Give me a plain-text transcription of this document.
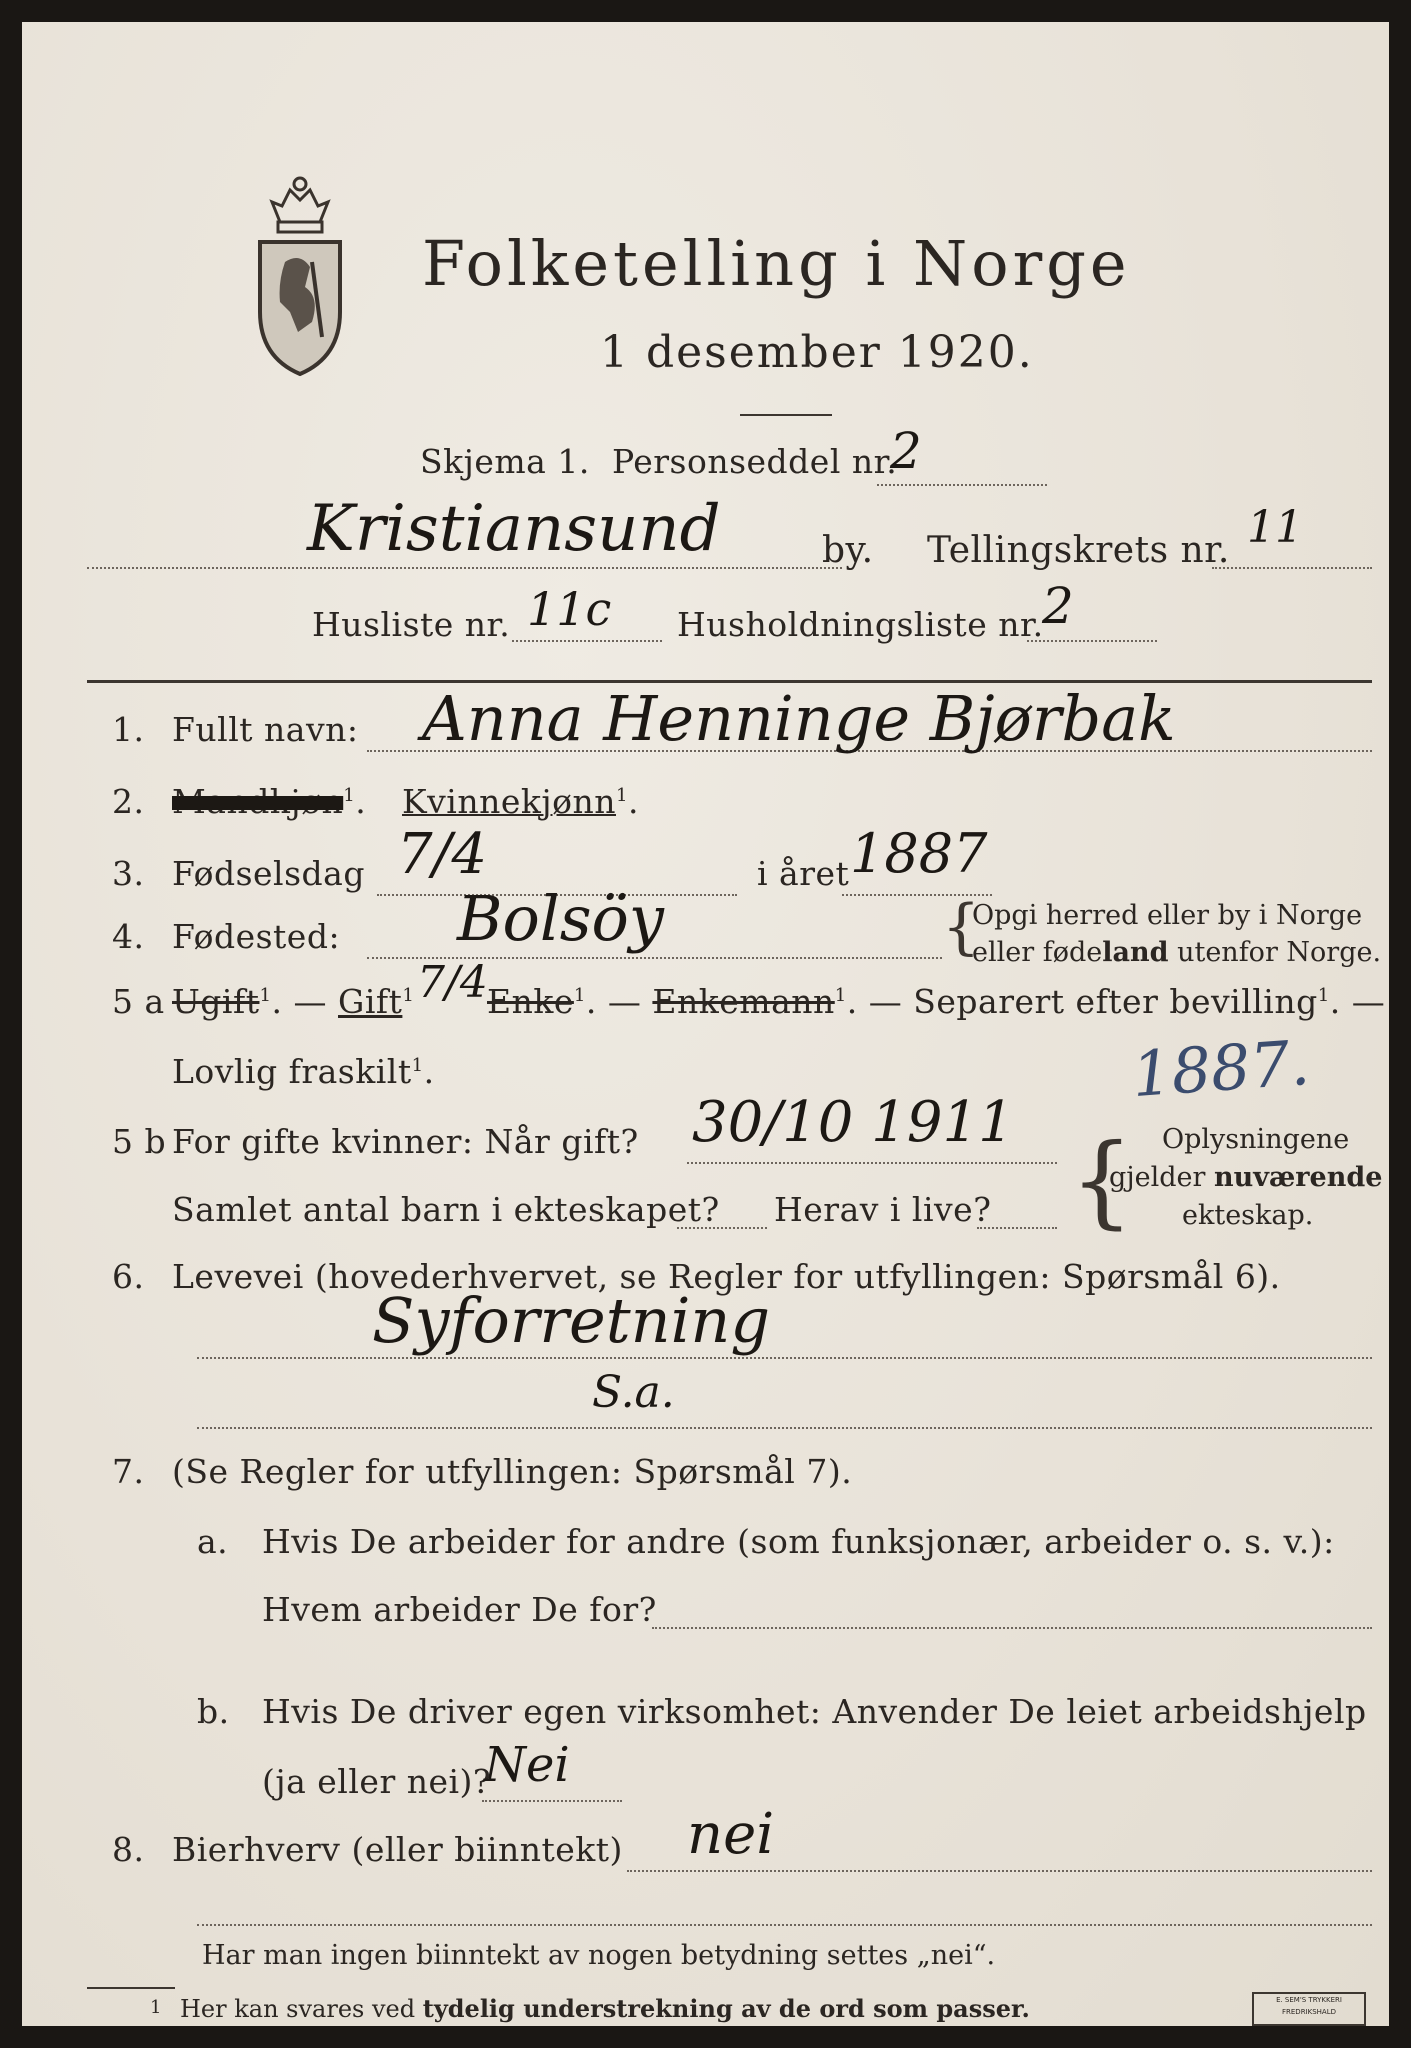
Folketelling i Norge
1 desember 1920.
Skjema 1. Personseddel nr.
2
Kristiansund	by. Tellingskrets nr. 11
Husliste nr. 11c Husholdningsliste nr.
2
1. Fullt navn: Anna Henninge Bjørbak
2. Mandkjøn$^1$. Kvinnekjønn$^1$.
3. Fødselsdag 7/4	i året 1887
4. Fødested: Bolsöy	{
Opgi herred eller by i Norge
eller fødeland utenfor Norge.
5 a Ugift$^1$. — Gift$^1$ 7/4 Enke$^1$. — Enkemann$^1$. — Separert efter bevilling$^1$. —
Lovlig fraskilt$^1$.	1887.
5 b For gifte kvinner: Når gift? 30/10 1911
Samlet antal barn i ekteskapet? Herav i live? { Oplysningene
gjelder nuværende
ekteskap.
6. Levevei (hovederhvervet, se Regler for utfyllingen: Spørsmål 6).
Syforretning
S.a.
7. (Se Regler for utfyllingen: Spørsmål 7).
a. Hvis De arbeider for andre (som funksjonær, arbeider o. s. v.):
Hvem arbeider De for?
b. Hvis De driver egen virksomhet: Anvender De leiet arbeidshjelp
(ja eller nei)?
Nei
8. Bierhverv (eller biinntekt) nei
Har man ingen biinntekt av nogen betydning settes „nei“.
1 Her kan svares ved tydelig understrekning av de ord som passer.	E. SEM'S TRYKKERI
FREDRIKSHALD
